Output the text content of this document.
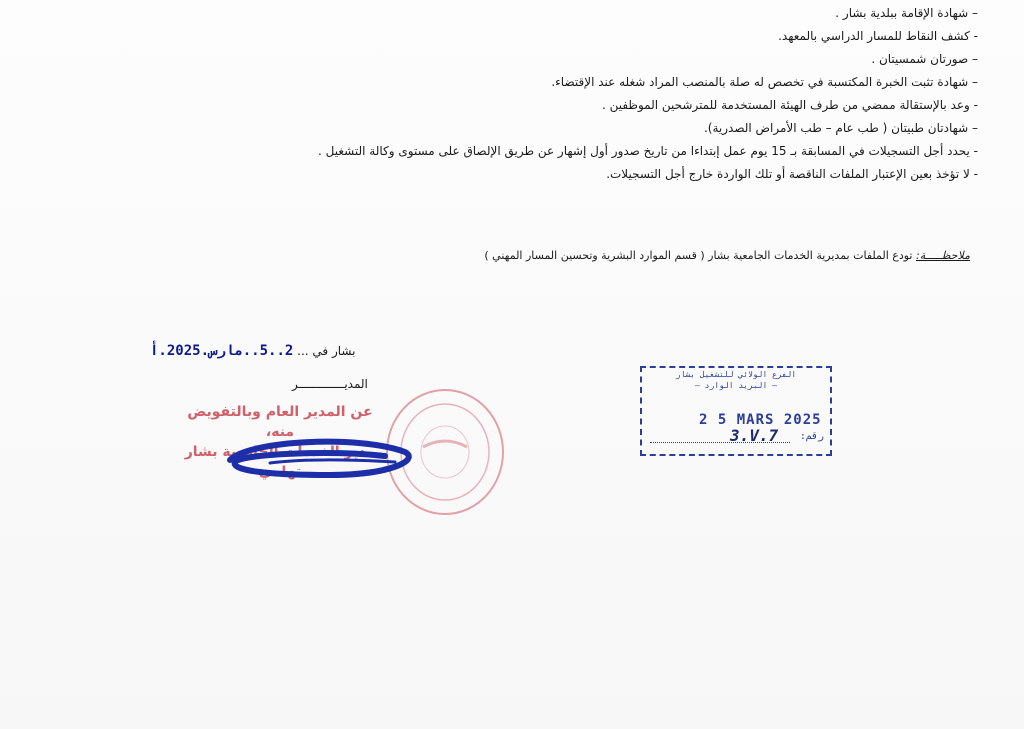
– شهادة الإقامة ببلدية بشار .
- كشف النقاط للمسار الدراسي بالمعهد.
– صورتان شمسيتان .
– شهادة تثبت الخبرة المكتسبة في تخصص له صلة بالمنصب المراد شغله عند الإقتضاء.
- وعد بالإستقالة ممضي من طرف الهيئة المستخدمة للمترشحين الموظفين .
– شهادتان طبيتان ( طب عام – طب الأمراض الصدرية).
- يحدد أجل التسجيلات في المسابقة بـ 15 يوم عمل إبتداءا من تاريخ صدور أول إشهار عن طريق الإلصاق على مستوى وكالة التشغيل .
- لا تؤخذ بعين الإعتبار الملفات الناقصة أو تلك الواردة خارج أجل التسجيلات.
ملاحظـــــة: تودع الملفات بمديرية الخدمات الجامعية بشار ( قسم الموارد البشرية وتحسين المسار المهني )
بشار في ... 2..5..مارس.2025.أ
المديـــــــــــــر
عن المدير العام وبالتفويض منه،
مدير الخدمات الجامعية بشار
تهامي
الفرع الولائي للتشغيل بشار
– البريد الوارد –
2 5 MARS 2025
رقم:
3.V.7
